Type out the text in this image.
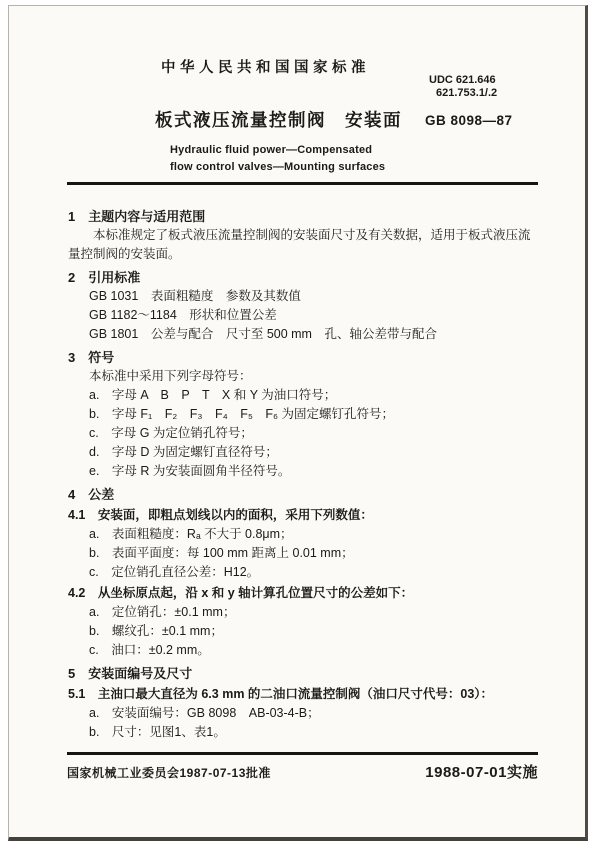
中华人民共和国国家标准
UDC 621.646
621.753.1/.2
板式液压流量控制阀　安装面 GB 8098—87
Hydraulic fluid power—Compensated
flow control valves—Mounting surfaces
1　主题内容与适用范围

本标准规定了板式液压流量控制阀的安装面尺寸及有关数据，适用于板式液压流量控制阀的安装面。

2　引用标准
GB 1031　表面粗糙度　参数及其数值
GB 1182～1184　形状和位置公差
GB 1801　公差与配合　尺寸至 500 mm　孔、轴公差带与配合
3　符号
本标准中采用下列字母符号：
a.　字母 A　B　P　T　X 和 Y 为油口符号；
b.　字母 F₁　F₂　F₃　F₄　F₅　F₆ 为固定螺钉孔符号；
c.　字母 G 为定位销孔符号；
d.　字母 D 为固定螺钉直径符号；
e.　字母 R 为安装面圆角半径符号。
4　公差
4.1　安装面，即粗点划线以内的面积，采用下列数值：
a.　表面粗糙度：Rₐ 不大于 0.8μm；
b.　表面平面度：每 100 mm 距离上 0.01 mm；
c.　定位销孔直径公差：H12。
4.2　从坐标原点起，沿 x 和 y 轴计算孔位置尺寸的公差如下：
a.　定位销孔：±0.1 mm；
b.　螺纹孔：±0.1 mm；
c.　油口：±0.2 mm。
5　安装面编号及尺寸
5.1　主油口最大直径为 6.3 mm 的二油口流量控制阀（油口尺寸代号：03）：
a.　安装面编号：GB 8098　AB-03-4-B；
b.　尺寸：见图1、表1。
国家机械工业委员会1987-07-13批准	1988-07-01实施
